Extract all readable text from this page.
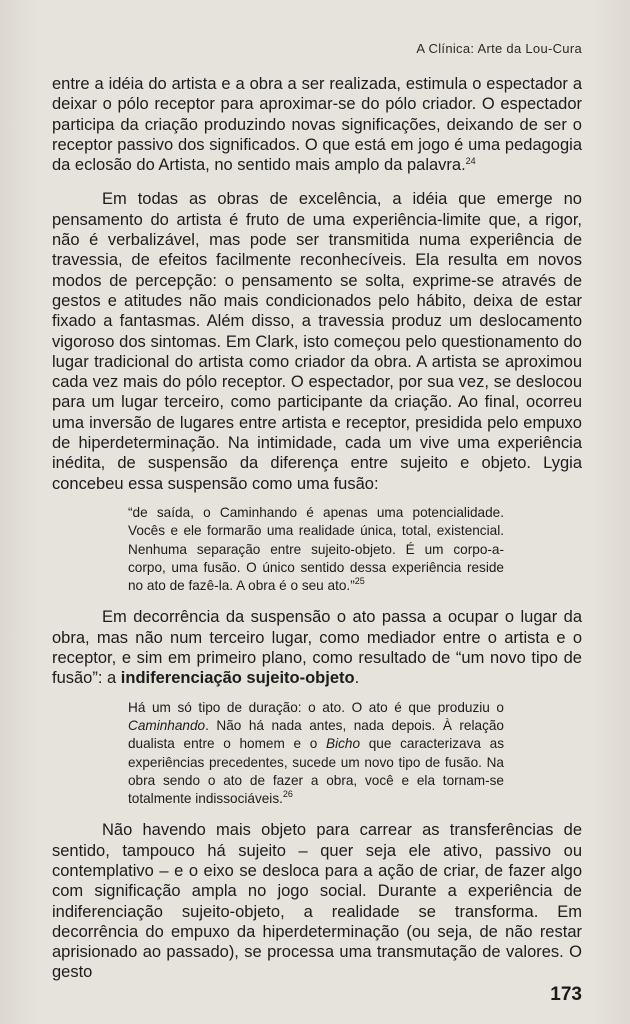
A Clínica: Arte da Lou-Cura

entre a idéia do artista e a obra a ser realizada, estimula o espectador a deixar o pólo receptor para aproximar-se do pólo criador. O espectador participa da criação produzindo novas significações, deixando de ser o receptor passivo dos significados. O que está em jogo é uma pedagogia da eclosão do Artista, no sentido mais amplo da palavra.$^{24}$

Em todas as obras de excelência, a idéia que emerge no pensamento do artista é fruto de uma experiência-limite que, a rigor, não é verbalizável, mas pode ser transmitida numa experiência de travessia, de efeitos facilmente reconhecíveis. Ela resulta em novos modos de percepção: o pensamento se solta, exprime-se através de gestos e atitudes não mais condicionados pelo hábito, deixa de estar fixado a fantasmas. Além disso, a travessia produz um deslocamento vigoroso dos sintomas. Em Clark, isto começou pelo questionamento do lugar tradicional do artista como criador da obra. A artista se aproximou cada vez mais do pólo receptor. O espectador, por sua vez, se deslocou para um lugar terceiro, como participante da criação. Ao final, ocorreu uma inversão de lugares entre artista e receptor, presidida pelo empuxo de hiperdeterminação. Na intimidade, cada um vive uma experiência inédita, de suspensão da diferença entre sujeito e objeto. Lygia concebeu essa suspensão como uma fusão:

“de saída, o Caminhando é apenas uma potencialidade. Vocês e ele formarão uma realidade única, total, existencial. Nenhuma separação entre sujeito-objeto. É um corpo-a-corpo, uma fusão. O único sentido dessa experiência reside no ato de fazê-la. A obra é o seu ato.”$^{25}$

Em decorrência da suspensão o ato passa a ocupar o lugar da obra, mas não num terceiro lugar, como mediador entre o artista e o receptor, e sim em primeiro plano, como resultado de “um novo tipo de fusão”: a indiferenciação sujeito-objeto.

Há um só tipo de duração: o ato. O ato é que produziu o Caminhando. Não há nada antes, nada depois. À relação dualista entre o homem e o Bicho que caracterizava as experiências precedentes, sucede um novo tipo de fusão. Na obra sendo o ato de fazer a obra, você e ela tornam-se totalmente indissociáveis.$^{26}$

Não havendo mais objeto para carrear as transferências de sentido, tampouco há sujeito – quer seja ele ativo, passivo ou contemplativo – e o eixo se desloca para a ação de criar, de fazer algo com significação ampla no jogo social. Durante a experiência de indiferenciação sujeito-objeto, a realidade se transforma. Em decorrência do empuxo da hiperdeterminação (ou seja, de não restar aprisionado ao passado), se processa uma transmutação de valores. O gesto

173
